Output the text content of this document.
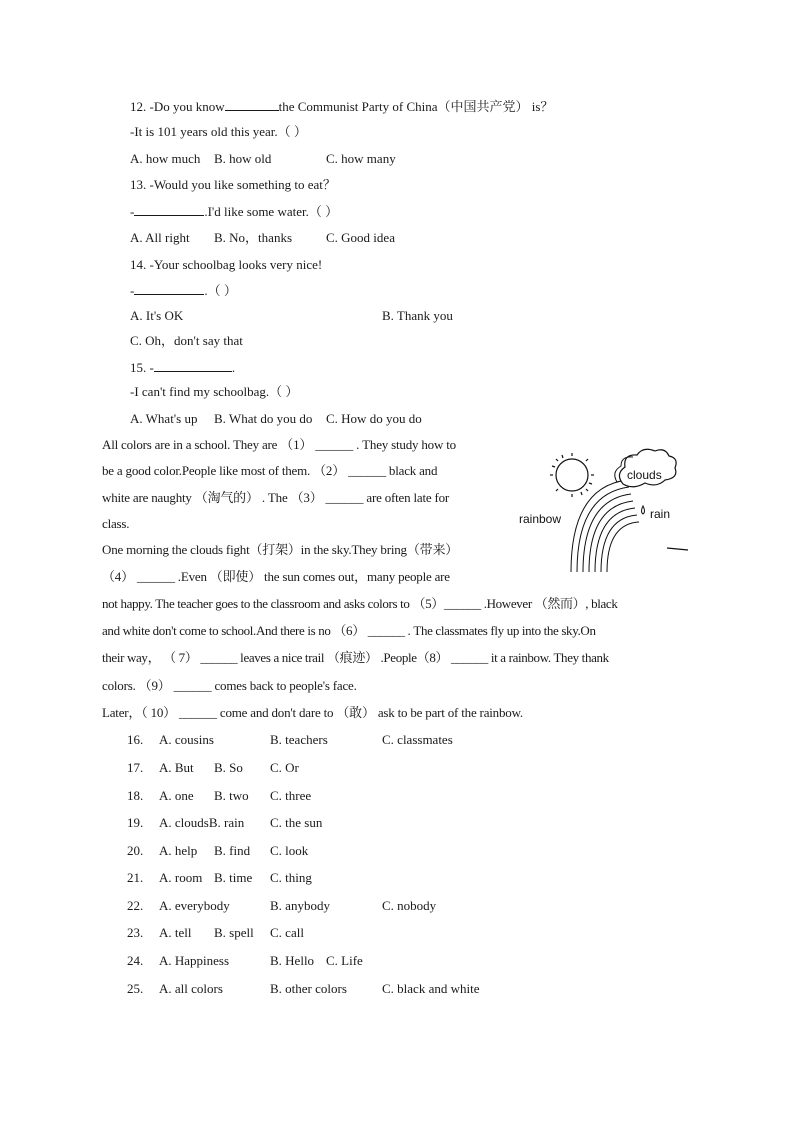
12. -Do you know	the Communist Party of China（中国共产党） is？
-It is 101 years old this year.（ ）
A. how much B. how old	C. how many
13. -Would you like something to eat？
-	.I'd like some water.（ ）
A. All right B. No，thanks	C. Good idea
14. -Your schoolbag looks very nice!
-	.（ ）
A. It's OK	B. Thank you
C. Oh，don't say that
15. -	.
-I can't find my schoolbag.（ ）
A. What's up B. What do you do C. How do you do
All colors are in a school. They are （1） ______ . They study how to
be a good color.People like most of them. （2） ______ black and
white are naughty （淘气的） . The （3） ______ are often late for
class.
One morning the clouds fight（打架）in the sky.They bring（带来）
（4） ______ .Even （即使） the sun comes out，many people are
not happy. The teacher goes to the classroom and asks colors to （5）______ .However （然而）, black
and white don't come to school.And there is no （6） ______ . The classmates fly up into the sky.On
their way， （ 7） ______ leaves a nice trail （痕迹） .People（8） ______ it a rainbow. They thank
colors. （9） ______ comes back to people's face.
Later，（ 10） ______ come and don't dare to （敢） ask to be part of the rainbow.
clouds
rain
rainbow
16. A. cousins	B. teachers	C. classmates
17. A. But B. So C. Or
18. A. one B. two C. three
19. A. cloudsB. rain C. the sun
20. A. help B. find C. look
21. A. room B. time C. thing
22. A. everybody	B. anybody	C. nobody
23. A. tell B. spell C. call
24. A. Happiness	B. Hello C. Life
25. A. all colors	B. other colors	C. black and white
